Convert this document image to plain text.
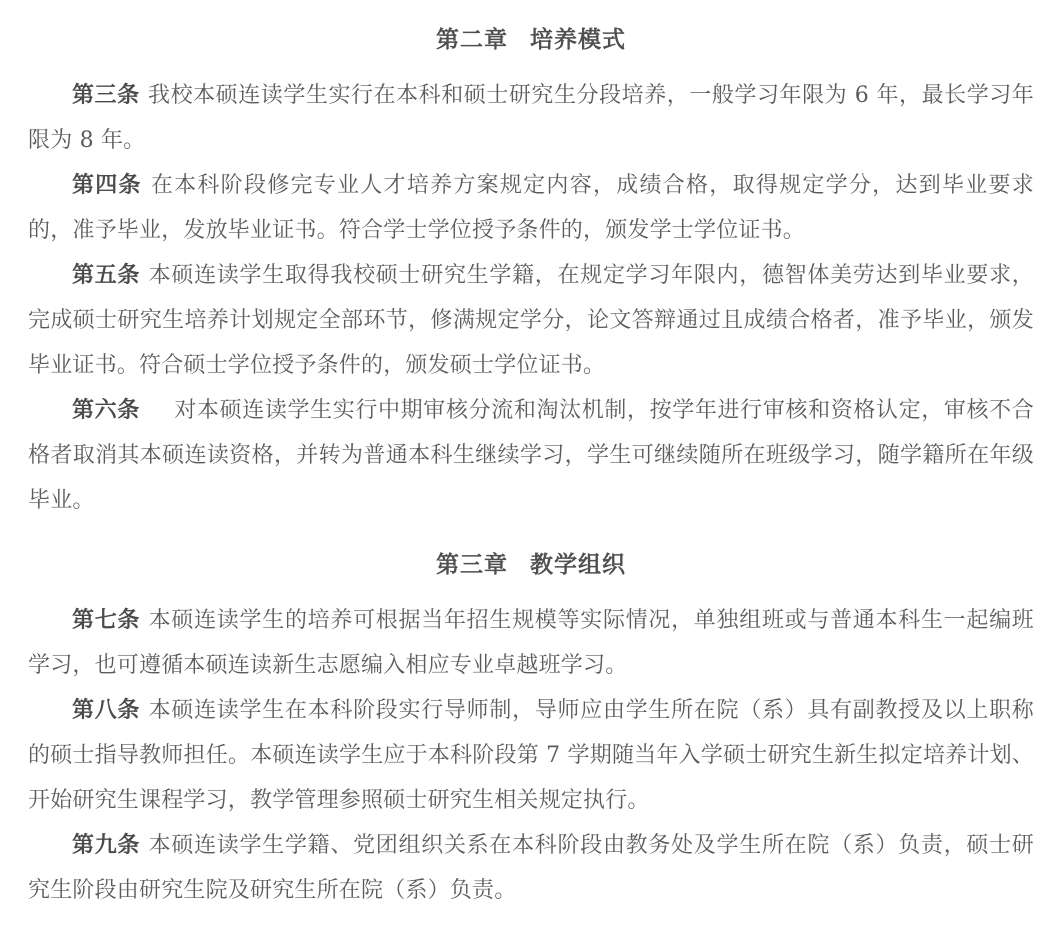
第二章 培养模式

第三条 我校本硕连读学生实行在本科和硕士研究生分段培养，一般学习年限为 6 年，最长学习年限为 8 年。

第四条 在本科阶段修完专业人才培养方案规定内容，成绩合格，取得规定学分，达到毕业要求的，准予毕业，发放毕业证书。符合学士学位授予条件的，颁发学士学位证书。

第五条 本硕连读学生取得我校硕士研究生学籍，在规定学习年限内，德智体美劳达到毕业要求，完成硕士研究生培养计划规定全部环节，修满规定学分，论文答辩通过且成绩合格者，准予毕业，颁发毕业证书。符合硕士学位授予条件的，颁发硕士学位证书。

第六条 对本硕连读学生实行中期审核分流和淘汰机制，按学年进行审核和资格认定，审核不合格者取消其本硕连读资格，并转为普通本科生继续学习，学生可继续随所在班级学习，随学籍所在年级毕业。

第三章 教学组织

第七条 本硕连读学生的培养可根据当年招生规模等实际情况，单独组班或与普通本科生一起编班学习，也可遵循本硕连读新生志愿编入相应专业卓越班学习。

第八条 本硕连读学生在本科阶段实行导师制，导师应由学生所在院（系）具有副教授及以上职称的硕士指导教师担任。本硕连读学生应于本科阶段第 7 学期随当年入学硕士研究生新生拟定培养计划、开始研究生课程学习，教学管理参照硕士研究生相关规定执行。

第九条 本硕连读学生学籍、党团组织关系在本科阶段由教务处及学生所在院（系）负责，硕士研究生阶段由研究生院及研究生所在院（系）负责。
